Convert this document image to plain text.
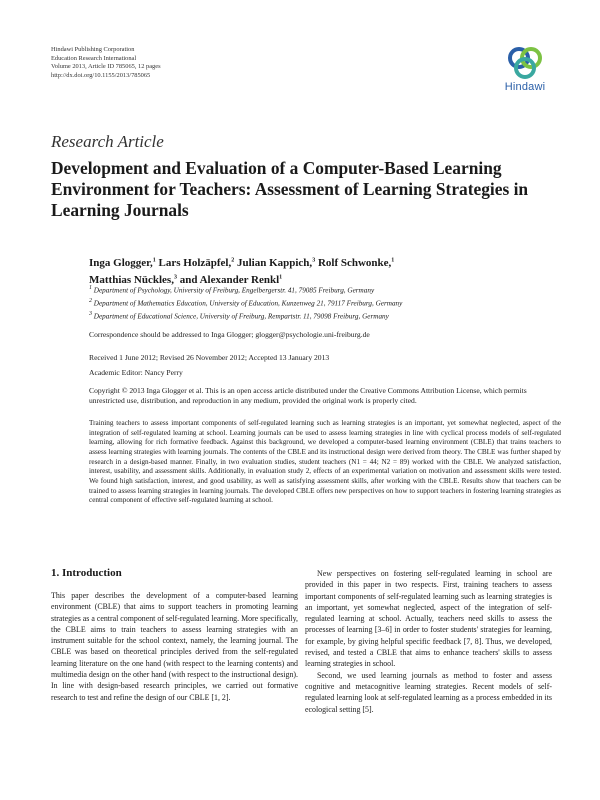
Hindawi Publishing Corporation
Education Research International
Volume 2013, Article ID 785065, 12 pages
http://dx.doi.org/10.1155/2013/785065
Hindawi
Research Article
Development and Evaluation of a Computer-Based Learning Environment for Teachers: Assessment of Learning Strategies in Learning Journals
Inga Glogger,$^1$ Lars Holzäpfel,$^2$ Julian Kappich,$^3$ Rolf Schwonke,$^1$
Matthias Nückles,$^3$ and Alexander Renkl$^1$
$^1$ Department of Psychology, University of Freiburg, Engelbergerstr. 41, 79085 Freiburg, Germany
$^2$ Department of Mathematics Education, University of Education, Kunzenweg 21, 79117 Freiburg, Germany
$^3$ Department of Educational Science, University of Freiburg, Rempartstr. 11, 79098 Freiburg, Germany
Correspondence should be addressed to Inga Glogger; glogger@psychologie.uni-freiburg.de
Received 1 June 2012; Revised 26 November 2012; Accepted 13 January 2013
Academic Editor: Nancy Perry
Copyright © 2013 Inga Glogger et al. This is an open access article distributed under the Creative Commons Attribution License, which permits unrestricted use, distribution, and reproduction in any medium, provided the original work is properly cited.
Training teachers to assess important components of self-regulated learning such as learning strategies is an important, yet somewhat neglected, aspect of the integration of self-regulated learning at school. Learning journals can be used to assess learning strategies in line with cyclical process models of self-regulated learning, allowing for rich formative feedback. Against this background, we developed a computer-based learning environment (CBLE) that trains teachers to assess learning strategies with learning journals. The contents of the CBLE and its instructional design were derived from theory. The CBLE was further shaped by research in a design-based manner. Finally, in two evaluation studies, student teachers (N1 = 44; N2 = 89) worked with the CBLE. We analyzed satisfaction, interest, usability, and assessment skills. Additionally, in evaluation study 2, effects of an experimental variation on motivation and assessment skills were tested. We found high satisfaction, interest, and good usability, as well as satisfying assessment skills, after working with the CBLE. Results show that teachers can be trained to assess learning strategies in learning journals. The developed CBLE offers new perspectives on how to support teachers in fostering learning strategies as central component of effective self-regulated learning at school.
1. Introduction

This paper describes the development of a computer-based learning environment (CBLE) that aims to support teachers in promoting learning strategies as a central component of self-regulated learning. More specifically, the CBLE aims to train teachers to assess learning strategies with an instrument suitable for the school context, namely, the learning journal. The CBLE was based on theoretical principles derived from the self-regulated learning literature on the one hand (with respect to the learning contents) and multimedia design on the other hand (with respect to the instructional design). In line with design-based research principles, we carried out formative research to test and refine the design of our CBLE [1, 2].

New perspectives on fostering self-regulated learning in school are provided in this paper in two respects. First, training teachers to assess important components of self-regulated learning such as learning strategies is an important, yet somewhat neglected, aspect of the integration of self-regulated learning at school. Actually, teachers need skills to assess the processes of learning [3–6] in order to foster students' strategies for learning, for example, by giving helpful specific feedback [7, 8]. Thus, we developed, revised, and tested a CBLE that aims to enhance teachers' skills to assess learning strategies in school.

Second, we used learning journals as method to foster and assess cognitive and metacognitive learning strategies. Recent models of self-regulated learning look at self-regulated learning as a process embedded in its ecological setting [5].
